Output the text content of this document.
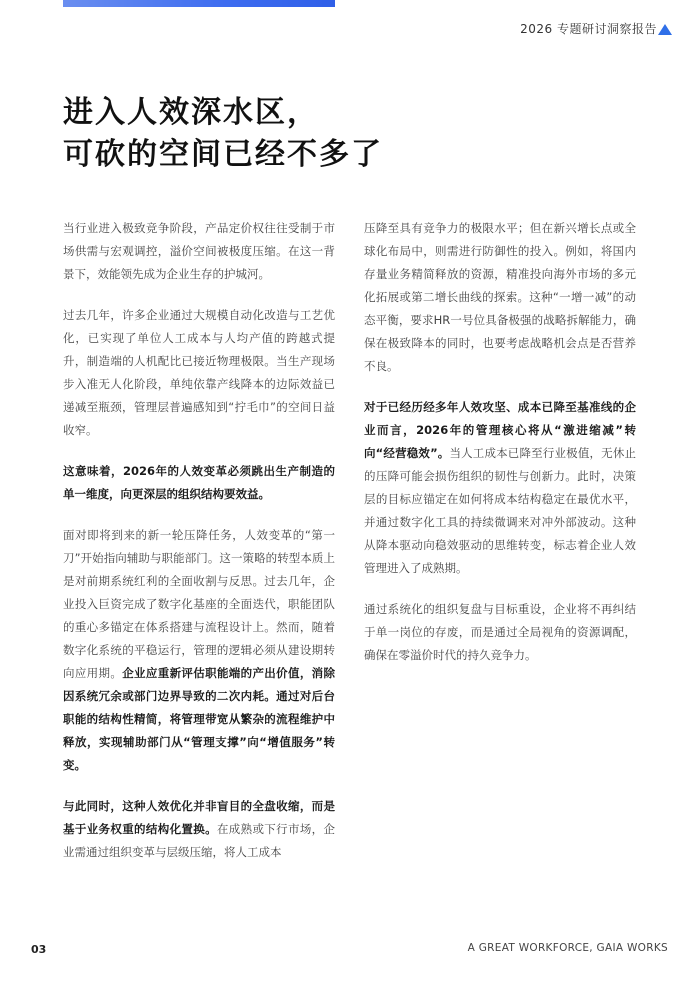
2026 专题研讨洞察报告
进入人效深水区，
可砍的空间已经不多了

当行业进入极致竞争阶段，产品定价权往往受制于市场供需与宏观调控，溢价空间被极度压缩。在这一背景下，效能领先成为企业生存的护城河。

过去几年，许多企业通过大规模自动化改造与工艺优化，已实现了单位人工成本与人均产值的跨越式提升，制造端的人机配比已接近物理极限。当生产现场步入准无人化阶段，单纯依靠产线降本的边际效益已递减至瓶颈，管理层普遍感知到“拧毛巾”的空间日益收窄。

这意味着，2026年的人效变革必须跳出生产制造的单一维度，向更深层的组织结构要效益。

面对即将到来的新一轮压降任务，人效变革的“第一刀”开始指向辅助与职能部门。这一策略的转型本质上是对前期系统红利的全面收割与反思。过去几年，企业投入巨资完成了数字化基座的全面迭代，职能团队的重心多锚定在体系搭建与流程设计上。然而，随着数字化系统的平稳运行，管理的逻辑必须从建设期转向应用期。企业应重新评估职能端的产出价值，消除因系统冗余或部门边界导致的二次内耗。通过对后台职能的结构性精简，将管理带宽从繁杂的流程维护中释放，实现辅助部门从“管理支撑”向“增值服务”转变。

与此同时，这种人效优化并非盲目的全盘收缩，而是基于业务权重的结构化置换。在成熟或下行市场，企业需通过组织变革与层级压缩，将人工成本

压降至具有竞争力的极限水平；但在新兴增长点或全球化布局中，则需进行防御性的投入。例如，将国内存量业务精简释放的资源，精准投向海外市场的多元化拓展或第二增长曲线的探索。这种“一增一减”的动态平衡，要求HR一号位具备极强的战略拆解能力，确保在极致降本的同时，也要考虑战略机会点是否营养不良。

对于已经历经多年人效攻坚、成本已降至基准线的企业而言，2026年的管理核心将从“激进缩减”转向“经营稳效”。当人工成本已降至行业极值，无休止的压降可能会损伤组织的韧性与创新力。此时，决策层的目标应锚定在如何将成本结构稳定在最优水平，并通过数字化工具的持续微调来对冲外部波动。这种从降本驱动向稳效驱动的思维转变，标志着企业人效管理进入了成熟期。

通过系统化的组织复盘与目标重设，企业将不再纠结于单一岗位的存废，而是通过全局视角的资源调配，确保在零溢价时代的持久竞争力。

03	A GREAT WORKFORCE, GAIA WORKS
